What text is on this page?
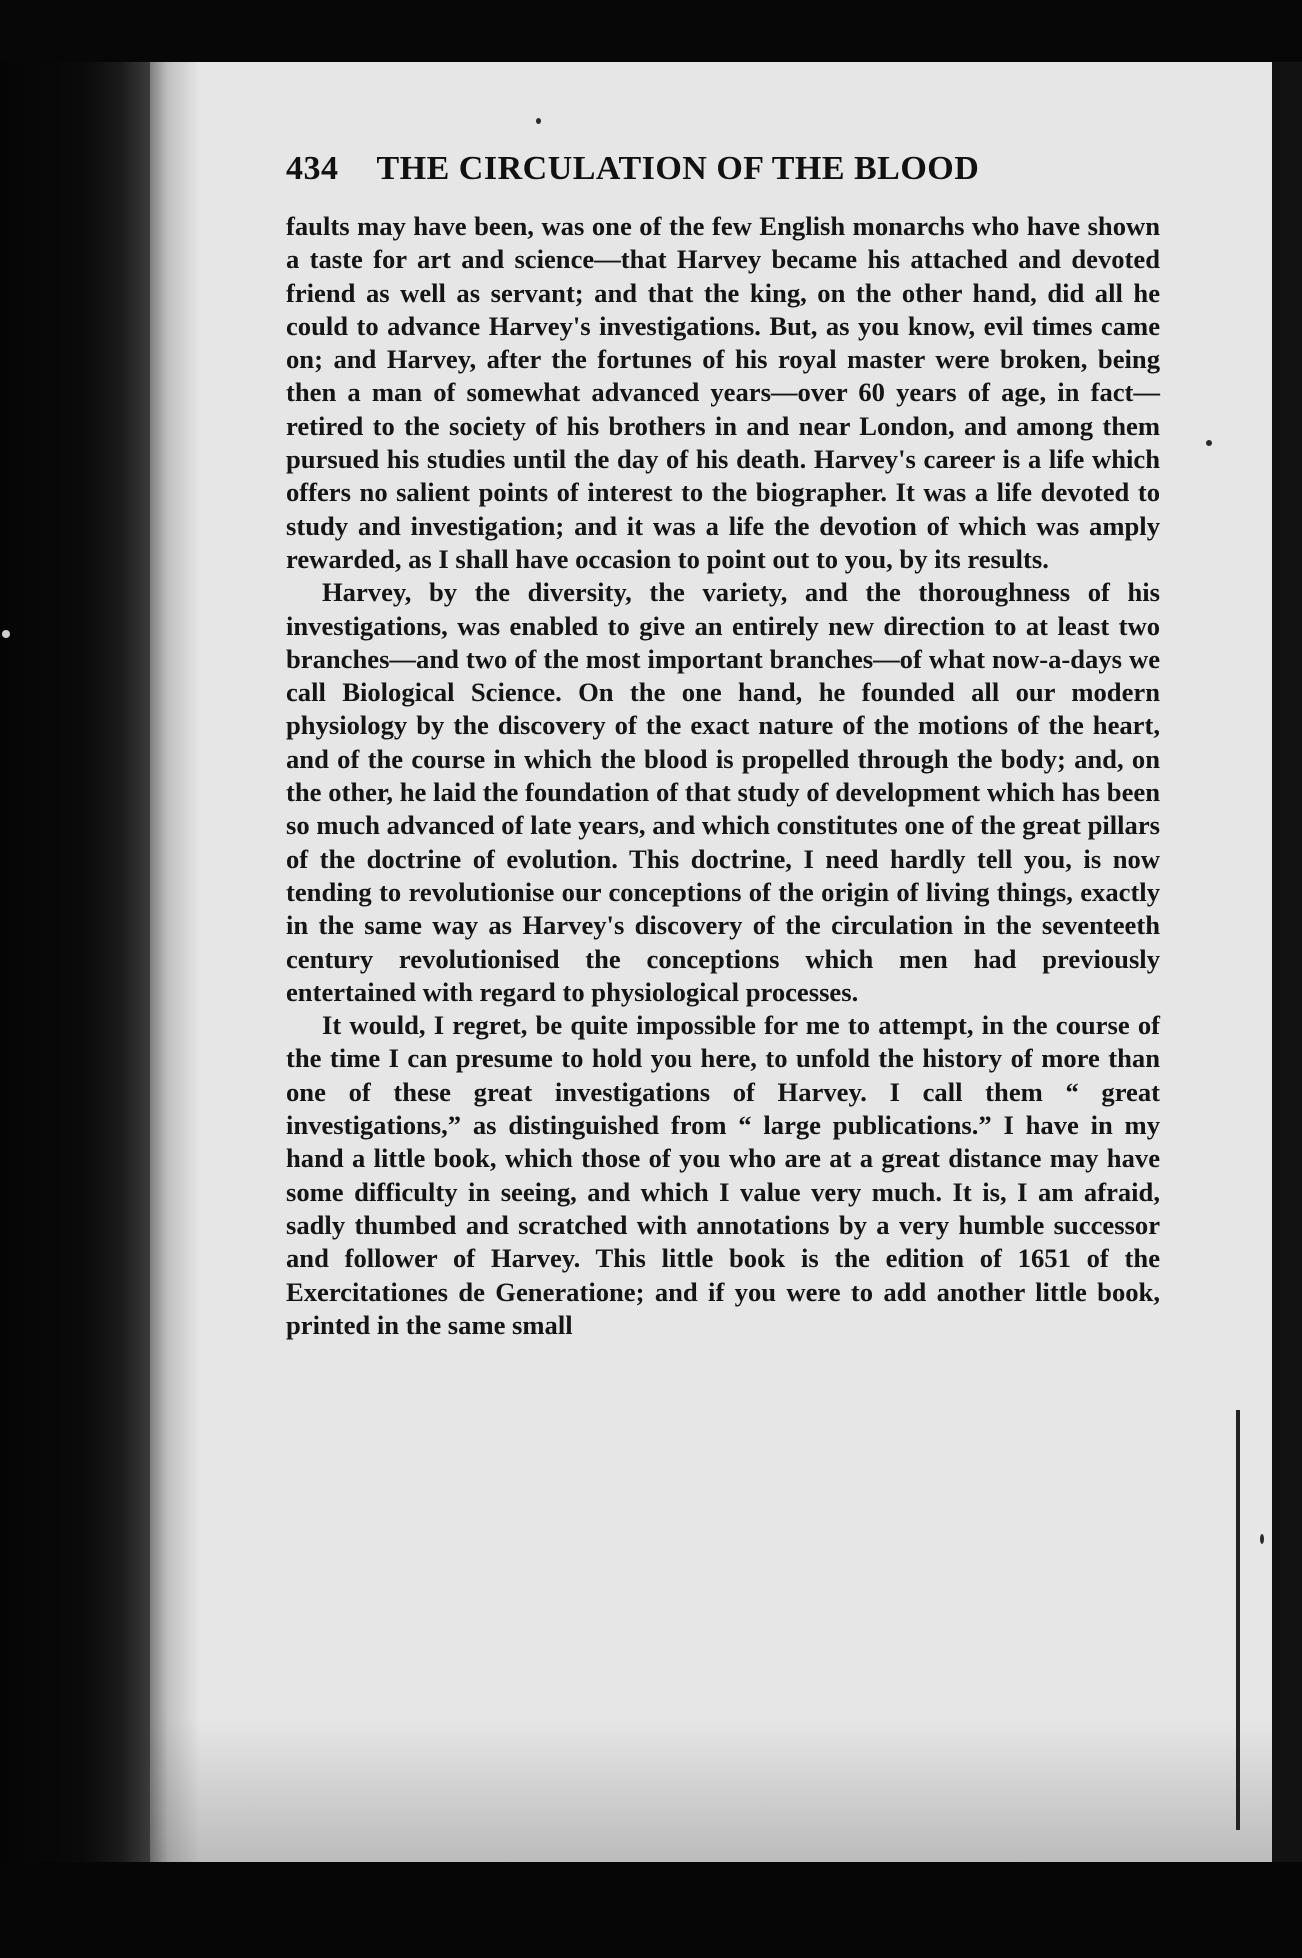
434 THE CIRCULATION OF THE BLOOD

faults may have been, was one of the few English monarchs who have shown a taste for art and science—that Harvey became his attached and devoted friend as well as servant; and that the king, on the other hand, did all he could to advance Harvey's investigations. But, as you know, evil times came on; and Harvey, after the fortunes of his royal master were broken, being then a man of somewhat advanced years—over 60 years of age, in fact—retired to the society of his brothers in and near London, and among them pursued his studies until the day of his death. Harvey's career is a life which offers no salient points of interest to the biographer. It was a life devoted to study and investigation; and it was a life the devotion of which was amply rewarded, as I shall have occasion to point out to you, by its results.

Harvey, by the diversity, the variety, and the thoroughness of his investigations, was enabled to give an entirely new direction to at least two branches—and two of the most important branches—of what now-a-days we call Biological Science. On the one hand, he founded all our modern physiology by the discovery of the exact nature of the motions of the heart, and of the course in which the blood is propelled through the body; and, on the other, he laid the foundation of that study of development which has been so much advanced of late years, and which constitutes one of the great pillars of the doctrine of evolution. This doctrine, I need hardly tell you, is now tending to revolutionise our conceptions of the origin of living things, exactly in the same way as Harvey's discovery of the circulation in the seventeeth century revolutionised the conceptions which men had previously entertained with regard to physiological processes.

It would, I regret, be quite impossible for me to attempt, in the course of the time I can presume to hold you here, to unfold the history of more than one of these great investigations of Harvey. I call them “ great investigations,” as distinguished from “ large publications.” I have in my hand a little book, which those of you who are at a great distance may have some difficulty in seeing, and which I value very much. It is, I am afraid, sadly thumbed and scratched with annotations by a very humble successor and follower of Harvey. This little book is the edition of 1651 of the Exercitationes de Generatione; and if you were to add another little book, printed in the same small
